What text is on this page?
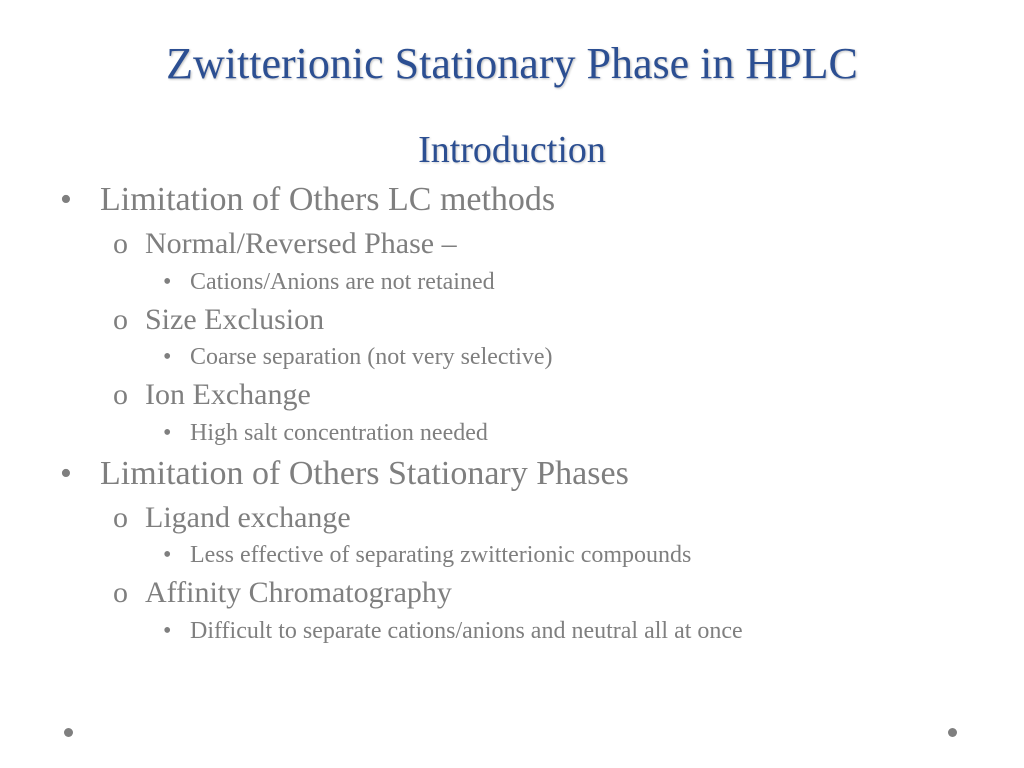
Zwitterionic Stationary Phase in HPLC
Introduction
• Limitation of Others LC methods
o Normal/Reversed Phase –
• Cations/Anions are not retained
o Size Exclusion
• Coarse separation (not very selective)
o Ion Exchange
• High salt concentration needed
• Limitation of Others Stationary Phases
o Ligand exchange
• Less effective of separating zwitterionic compounds
o Affinity Chromatography
• Difficult to separate cations/anions and neutral all at once
